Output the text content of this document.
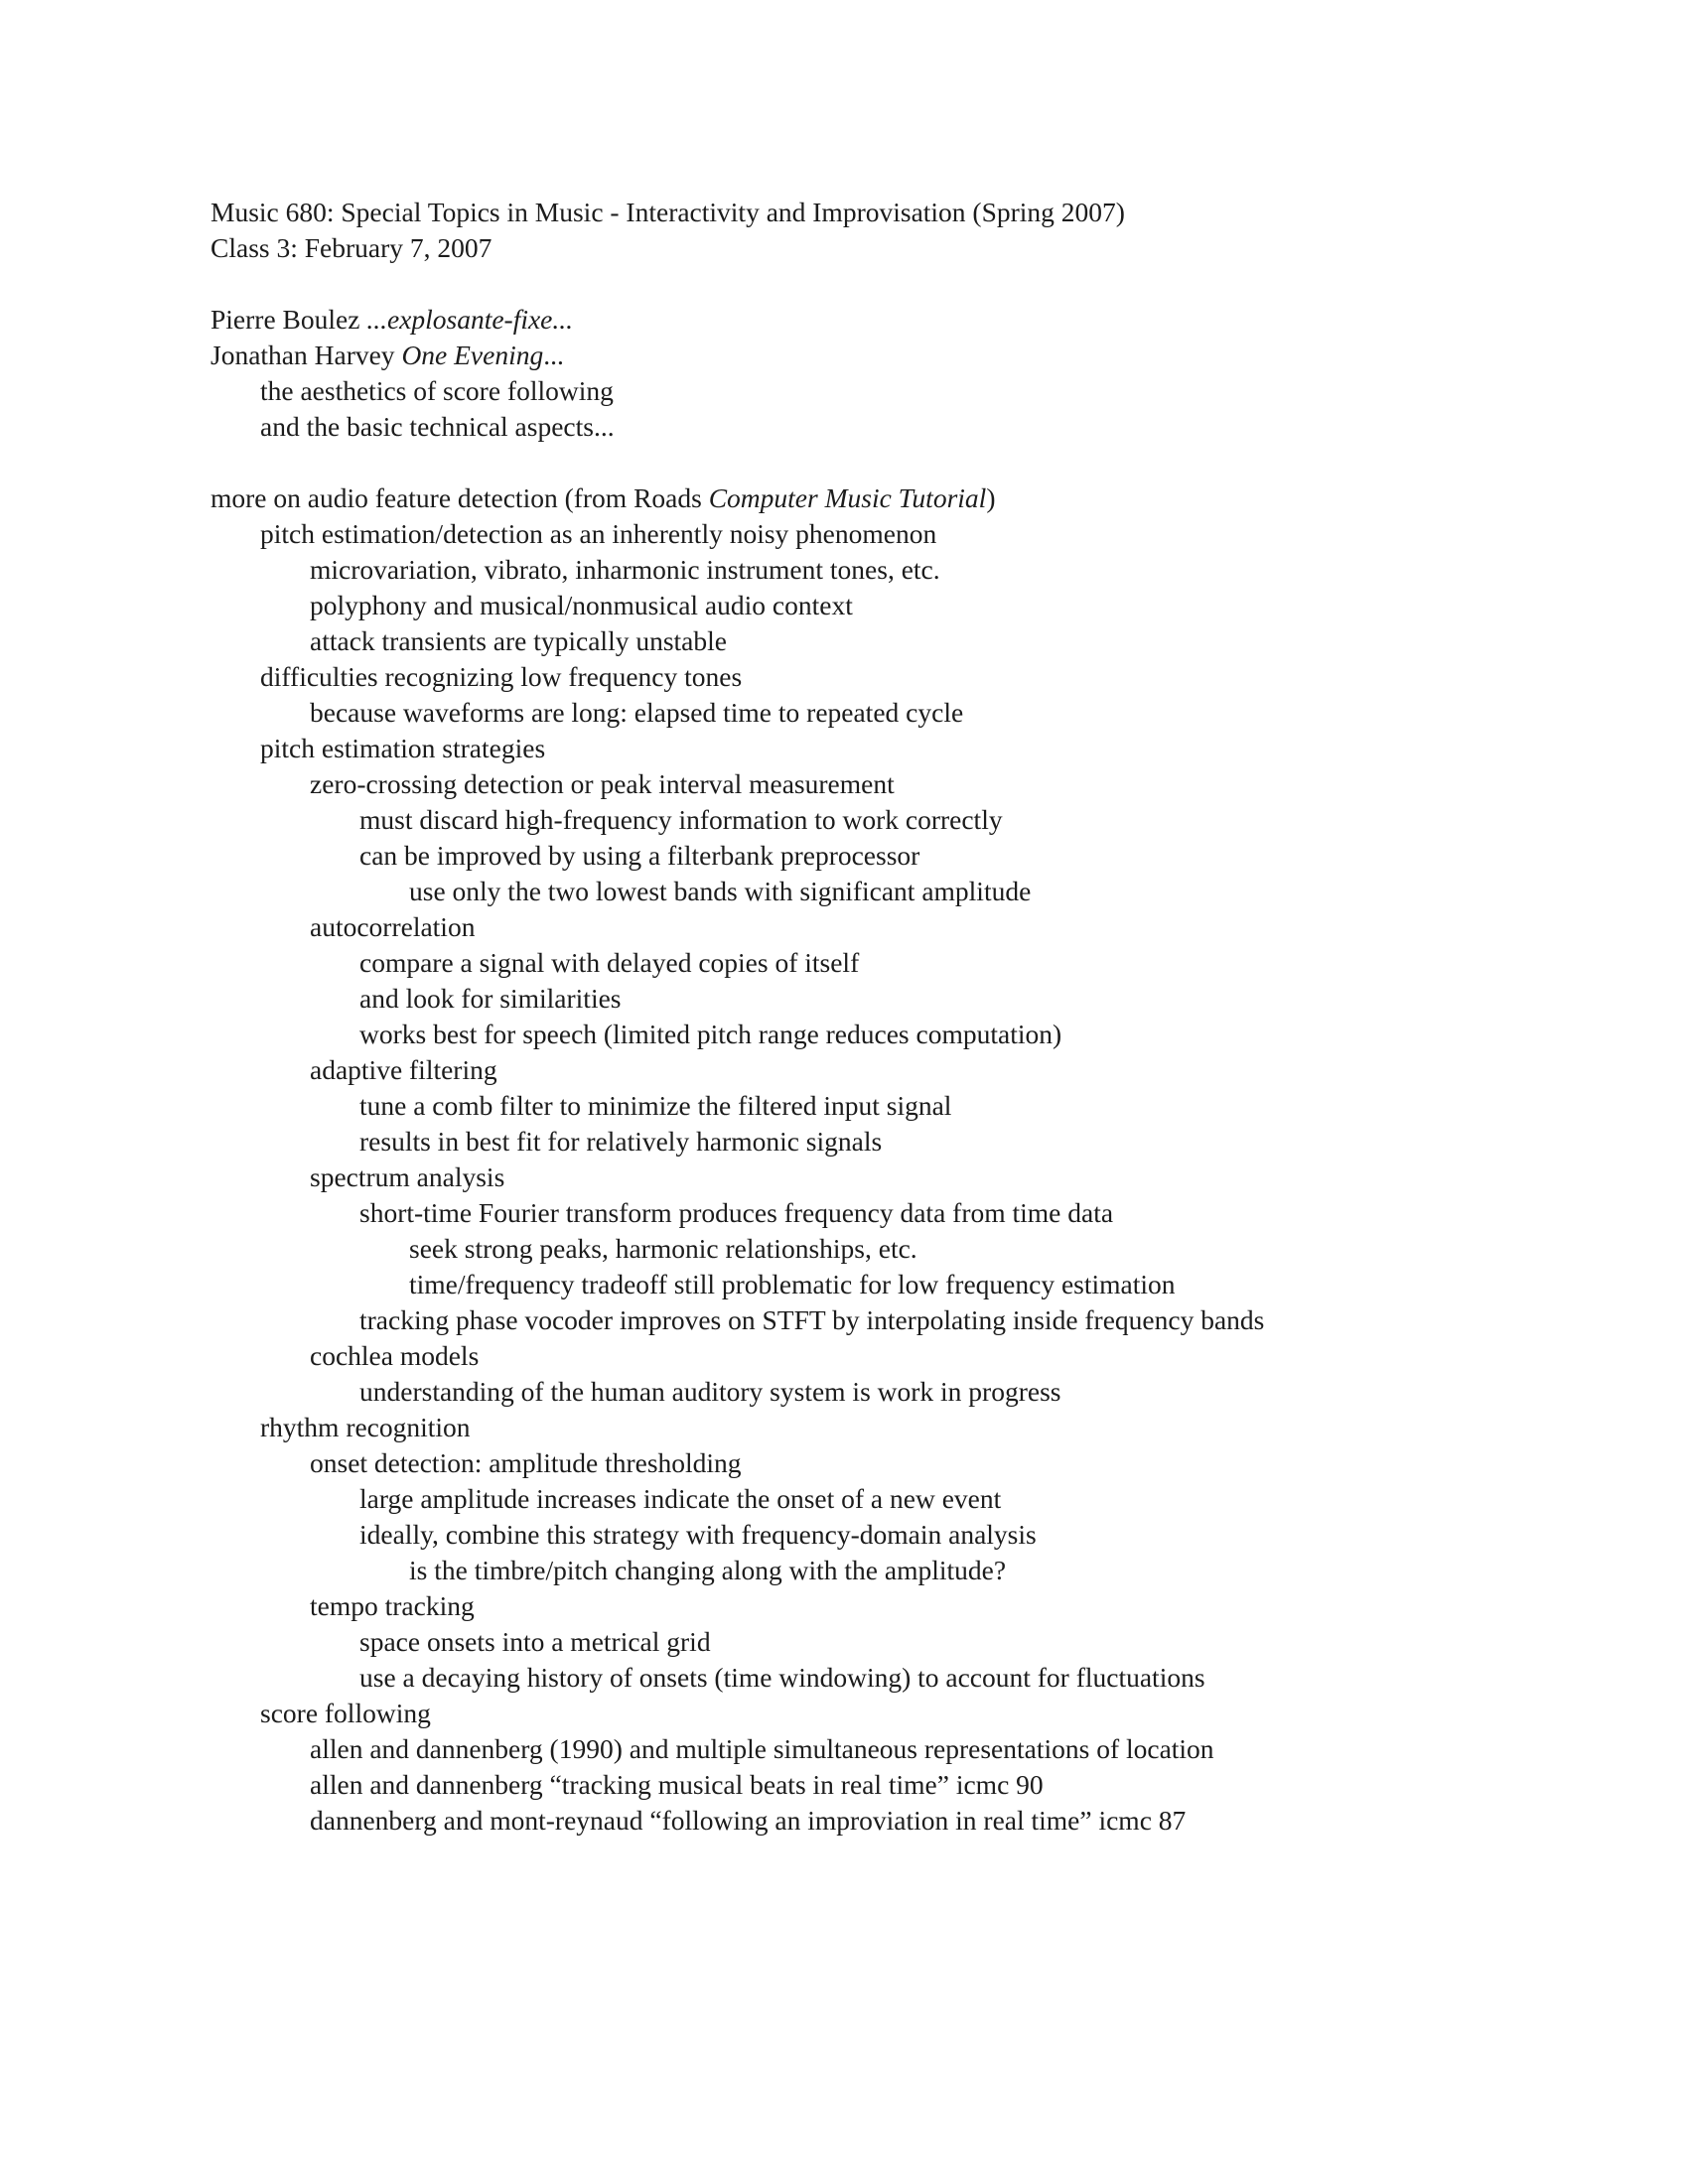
Music 680: Special Topics in Music - Interactivity and Improvisation (Spring 2007)
Class 3: February 7, 2007
Pierre Boulez ...explosante-fixe...
Jonathan Harvey One Evening...
the aesthetics of score following
and the basic technical aspects...
more on audio feature detection (from Roads Computer Music Tutorial)
pitch estimation/detection as an inherently noisy phenomenon
microvariation, vibrato, inharmonic instrument tones, etc.
polyphony and musical/nonmusical audio context
attack transients are typically unstable
difficulties recognizing low frequency tones
because waveforms are long: elapsed time to repeated cycle
pitch estimation strategies
zero-crossing detection or peak interval measurement
must discard high-frequency information to work correctly
can be improved by using a filterbank preprocessor
use only the two lowest bands with significant amplitude
autocorrelation
compare a signal with delayed copies of itself
and look for similarities
works best for speech (limited pitch range reduces computation)
adaptive filtering
tune a comb filter to minimize the filtered input signal
results in best fit for relatively harmonic signals
spectrum analysis
short-time Fourier transform produces frequency data from time data
seek strong peaks, harmonic relationships, etc.
time/frequency tradeoff still problematic for low frequency estimation
tracking phase vocoder improves on STFT by interpolating inside frequency bands
cochlea models
understanding of the human auditory system is work in progress
rhythm recognition
onset detection: amplitude thresholding
large amplitude increases indicate the onset of a new event
ideally, combine this strategy with frequency-domain analysis
is the timbre/pitch changing along with the amplitude?
tempo tracking
space onsets into a metrical grid
use a decaying history of onsets (time windowing) to account for fluctuations
score following
allen and dannenberg (1990) and multiple simultaneous representations of location
allen and dannenberg “tracking musical beats in real time” icmc 90
dannenberg and mont-reynaud “following an improviation in real time” icmc 87
